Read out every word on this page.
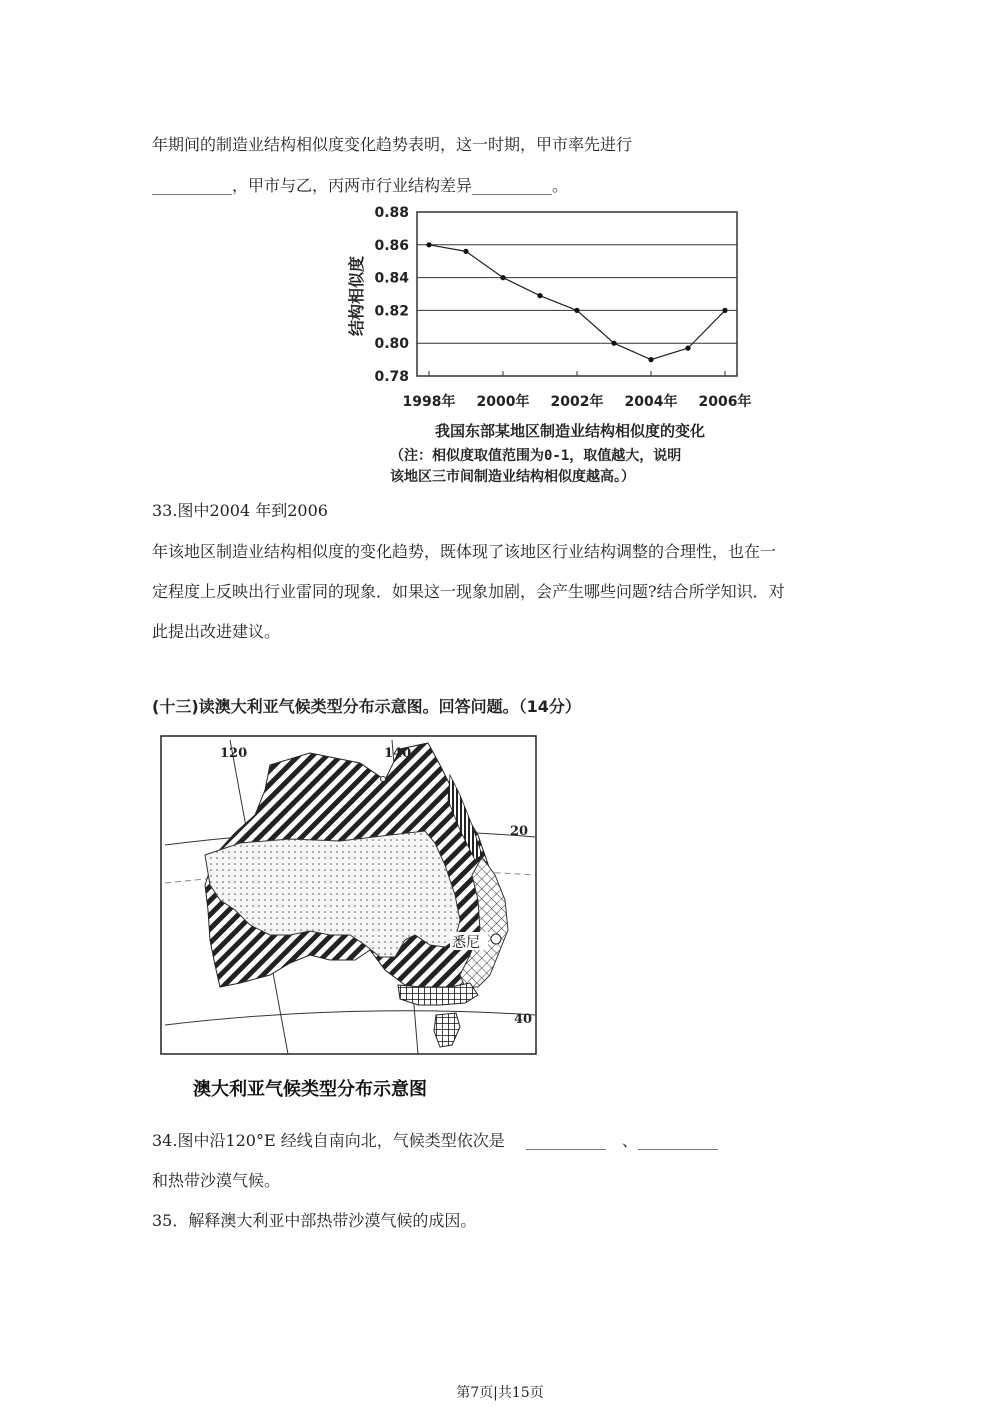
年期间的制造业结构相似度变化趋势表明，这一时期，甲市率先进行
__________，甲市与乙，丙两市行业结构差异__________。
0.88
0.86
0.84
0.82
0.80
0.78
1998年 2000年 2002年 2004年 2006年
结构相似度
我国东部某地区制造业结构相似度的变化
（注：相似度取值范围为0-1，取值越大，说明
该地区三市间制造业结构相似度越高。）
33.图中2004 年到2006
年该地区制造业结构相似度的变化趋势，既体现了该地区行业结构调整的合理性，也在一
定程度上反映出行业雷同的现象．如果这一现象加剧，会产生哪些问题?结合所学知识．对
此提出改进建议。
(十三)读澳大利亚气候类型分布示意图。回答问题。（14分）
120	140
20
40
悉尼
澳大利亚气候类型分布示意图
34.图中沿120°E 经线自南向北，气候类型依次是　 __________　、__________
和热带沙漠气候。
35．解释澳大利亚中部热带沙漠气候的成因。
第7页|共15页
